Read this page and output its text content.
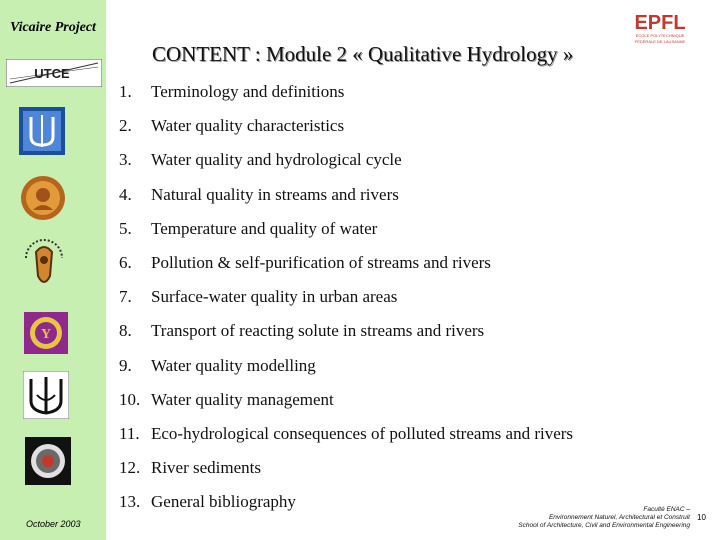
Vicaire Project	EPFL
ÉCOLE POLYTECHNIQUE
FÉDÉRALE DE LAUSANNE
CONTENT : Module 2 « Qualitative Hydrology »
UTCE
Y
1.	Terminology and definitions
2.	Water quality characteristics
3.	Water quality and hydrological cycle
4.	Natural quality in streams and rivers
5.	Temperature and quality of water
6.	Pollution & self-purification of streams and rivers
7.	Surface-water quality in urban areas
8.	Transport of reacting solute in streams and rivers
9.	Water quality modelling
10. Water quality management
11. Eco-hydrological consequences of polluted streams and rivers
12. River sediments
13. General bibliography
October 2003
Faculté ENAC –
Environnement Naturel, Architectural et Construit
School of Architecture, Civil and Environmental Engineering
10
